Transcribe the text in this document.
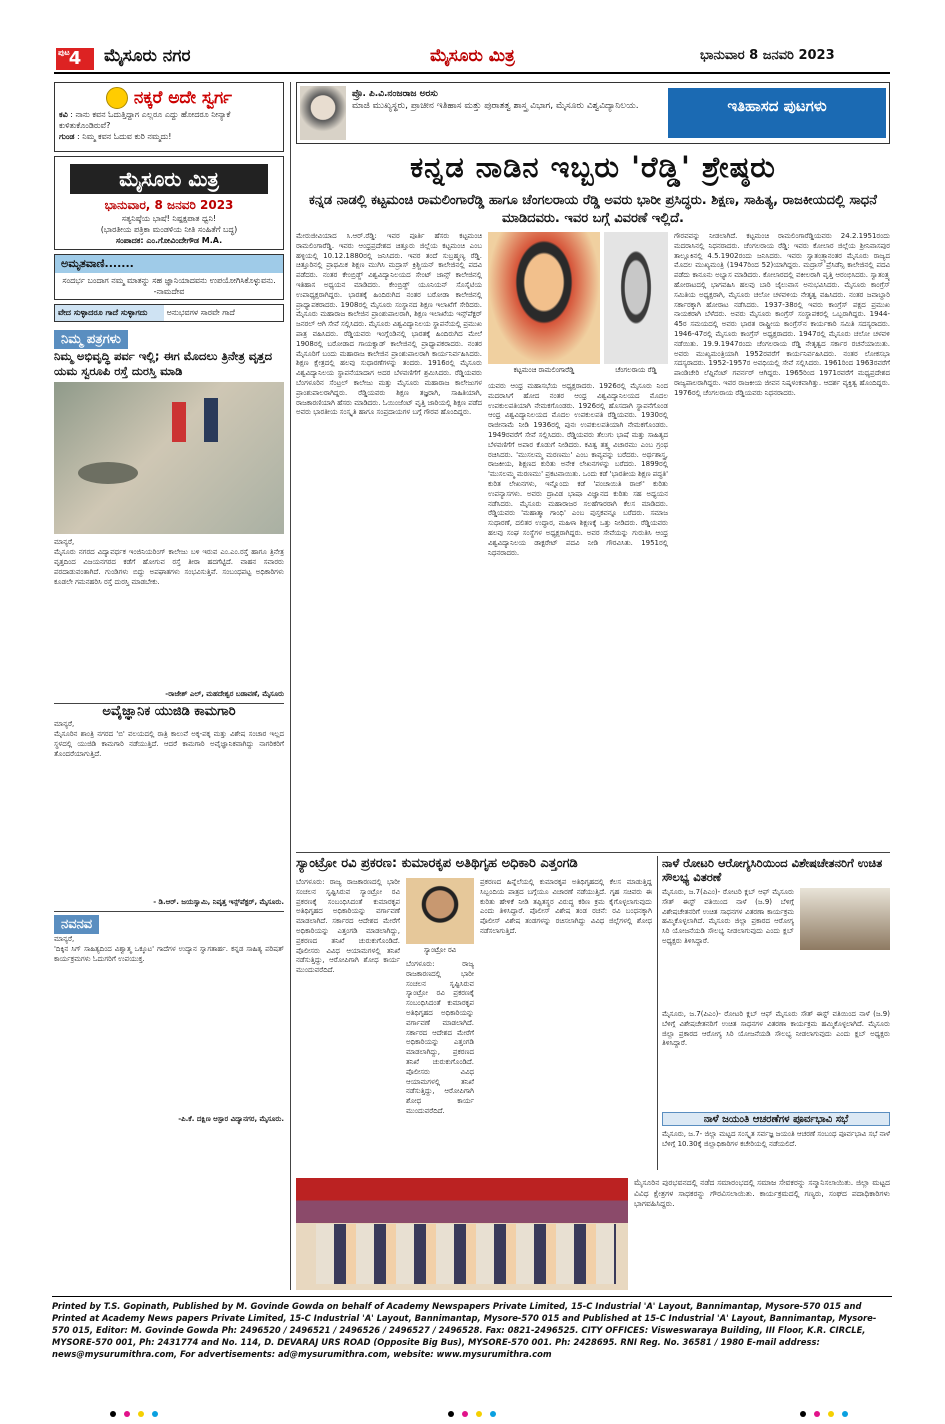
ಪುಟ
4	ಮೈಸೂರು ನಗರ	ಮೈಸೂರು ಮಿತ್ರ	ಭಾನುವಾರ 8 ಜನವರಿ 2023
ನಕ್ಕರೆ ಅದೇ ಸ್ವರ್ಗ
ಕವಿ : ನಾನು ಕವನ ಓದುತ್ತಿದ್ದಾಗ ಎಲ್ಲರೂ ಎದ್ದು ಹೋದರೂ ನೀನ್ಯಾಕೆ ಕುಳಿತುಕೊಂಡಿರುವೆ?
ಗುಂಡ : ನಿಮ್ಮ ಕವನ ಓದುವ ಕುರಿ ನಮ್ಮದು!
ಮೈಸೂರು ಮಿತ್ರ
ಭಾನುವಾರ, 8 ಜನವರಿ 2023
ಸತ್ಯನಿಷ್ಠೆಯ ಭಾಷೆ! ನಿಷ್ಪಕ್ಷಪಾತ ಧ್ವನಿ!
(ಭಾರತೀಯ ಪತ್ರಿಕಾ ಮಂಡಳಿಯ ನೀತಿ ಸಂಹಿತೆಗೆ ಬದ್ಧ)
ಸಂಪಾದಕ: ಎಂ.ಗೋವಿಂದೇಗೌಡ M.A.
ಅಮೃತವಾಣಿ.......
ಸಂದರ್ಭ ಬಂದಾಗ ನಮ್ಮ ಮಾತನ್ನು ಸಹ ಜ್ಞಾನಿಯಾದವನು ಉಪಯೋಗಿಸಿಕೊಳ್ಳುವನು. -ನಾಮದೇವ
ವೇದ ಸುಳ್ಳಾದರೂ ಗಾದೆ ಸುಳ್ಳಾಗದು	ಅನುಭವಗಳ ಸಾರವೇ ಗಾದೆ
ನಿಮ್ಮ ಪತ್ರಗಳು
ನಿಮ್ಮ ಅಭಿವೃದ್ಧಿ ಪರ್ವ ಇಲ್ಲಿ; ಈಗ ಮೊದಲು ತ್ರಿನೇತ್ರ ವೃತ್ತದ ಯಮ ಸ್ವರೂಪಿ ರಸ್ತೆ ದುರಸ್ತಿ ಮಾಡಿ
ಮಾನ್ಯರೆ,
ಮೈಸೂರು ನಗರದ ವಿದ್ಯಾವರ್ಧಕ ಇಂಜಿನಿಯರಿಂಗ್ ಕಾಲೇಜು ಬಳಿ ಇರುವ ಎಂ.ಎಂ.ರಸ್ತೆ ಹಾಗೂ ತ್ರಿನೇತ್ರ ವೃತ್ತದಿಂದ ವಿಜಯನಗರದ ಕಡೆಗೆ ಹೋಗುವ ರಸ್ತೆ ತೀರಾ ಹದಗೆಟ್ಟಿದೆ. ವಾಹನ ಸವಾರರು ಪರದಾಡುವಂತಾಗಿದೆ. ಗುಂಡಿಗಳು ಬಿದ್ದು ಅಪಘಾತಗಳು ಸಂಭವಿಸುತ್ತಿವೆ. ಸಂಬಂಧಪಟ್ಟ ಅಧಿಕಾರಿಗಳು ಕೂಡಲೇ ಗಮನಹರಿಸಿ ರಸ್ತೆ ದುರಸ್ತಿ ಮಾಡಬೇಕು.
-ರಾಜೇಶ್ ಎಲ್, ಮಹದೇಶ್ವರ ಬಡಾವಣೆ, ಮೈಸೂರು
ಅವೈಜ್ಞಾನಿಕ ಯುಜಿಡಿ ಕಾಮಗಾರಿ
ಮಾನ್ಯರೆ,
ಮೈಸೂರಿನ ಶಾಂತ್ರಿ ನಗರದ 'ಬಿ' ವಲಯದಲ್ಲಿ ರಾತ್ರಿ ಕಾಲುವೆ ಅಕ್ಕ-ಪಕ್ಕ ಮತ್ತು ವಿಶೇಷ ಸಂಚಾರ ಇಲ್ಲದ ಸ್ಥಳದಲ್ಲಿ ಯುಜಿಡಿ ಕಾಮಗಾರಿ ನಡೆಯುತ್ತಿದೆ. ಆದರೆ ಕಾಮಗಾರಿ ಅವೈಜ್ಞಾನಿಕವಾಗಿದ್ದು ನಾಗರಿಕರಿಗೆ ತೊಂದರೆಯಾಗುತ್ತಿದೆ.
- ಡಿ.ಆರ್. ಜಯಸ್ವಾಮಿ, ನಿವೃತ್ತ ಇನ್ಸ್‌ಪೆಕ್ಟರ್, ಮೈಸೂರು.
ನವನವ
ಮಾನ್ಯರೆ,
'ದಿಕ್ಕಿನ ಸಿಗ್ ಸಾಹಿತ್ಯದಿಂದ ವಿಶ್ವಾತ್ಮ ಒಕ್ಕೂಟ' ಗಾದೆಗಳ ಉದ್ಯಾನ ಸ್ವಾಗತಾರ್ಹ. ಕನ್ನಡ ಸಾಹಿತ್ಯ ಪರಿಷತ್ ಕಾರ್ಯಕ್ರಮಗಳು ಓದುಗರಿಗೆ ಉಪಯುಕ್ತ.
-ಪಿ.ಕೆ. ದಕ್ಷಿಣ ಆಸ್ಪಾರ ವಿದ್ಯಾನಗರ, ಮೈಸೂರು.
ಪ್ರೊ. ಪಿ.ವಿ.ನಂಜರಾಜ ಅರಸು
ಮಾಜಿ ಮುಖ್ಯಸ್ಥರು, ಪ್ರಾಚೀನ ಇತಿಹಾಸ ಮತ್ತು ಪುರಾತತ್ವ ಶಾಸ್ತ್ರ ವಿಭಾಗ, ಮೈಸೂರು ವಿಶ್ವವಿದ್ಯಾನಿಲಯ.	ಇತಿಹಾಸದ ಪುಟಗಳು
ಕನ್ನಡ ನಾಡಿನ ಇಬ್ಬರು 'ರೆಡ್ಡಿ' ಶ್ರೇಷ್ಠರು
ಕನ್ನಡ ನಾಡಲ್ಲಿ ಕಟ್ಟಮಂಚಿ ರಾಮಲಿಂಗಾರೆಡ್ಡಿ ಹಾಗೂ ಚೆಂಗಲರಾಯ ರೆಡ್ಡಿ ಅವರು ಭಾರೀ ಪ್ರಸಿದ್ಧರು. ಶಿಕ್ಷಣ, ಸಾಹಿತ್ಯ, ರಾಜಕೀಯದಲ್ಲಿ ಸಾಧನೆ ಮಾಡಿದವರು. ಇವರ ಬಗ್ಗೆ ವಿವರಣೆ ಇಲ್ಲಿದೆ.
ಕಟ್ಟಮಂಚಿ ರಾಮಲಿಂಗಾರೆಡ್ಡಿ	ಚೆಂಗಲರಾಯ ರೆಡ್ಡಿ
ಮೇರುಜೀವಿಯಾದ ಸಿ.ಆರ್.ರೆಡ್ಡಿ: ಇವರ ಪೂರ್ತಿ ಹೆಸರು ಕಟ್ಟಮಂಚಿ ರಾಮಲಿಂಗಾರೆಡ್ಡಿ. ಇವರು ಆಂಧ್ರಪ್ರದೇಶದ ಚಿತ್ತೂರು ಜಿಲ್ಲೆಯ ಕಟ್ಟಮಂಚಿ ಎಂಬ ಹಳ್ಳಿಯಲ್ಲಿ 10.12.1880ರಲ್ಲಿ ಜನಿಸಿದರು. ಇವರ ತಂದೆ ಸುಬ್ರಹ್ಮಣ್ಯ ರೆಡ್ಡಿ. ಚಿತ್ತೂರಿನಲ್ಲಿ ಪ್ರಾಥಮಿಕ ಶಿಕ್ಷಣ ಮುಗಿಸಿ ಮದ್ರಾಸ್ ಕ್ರಿಶ್ಚಿಯನ್ ಕಾಲೇಜಿನಲ್ಲಿ ಪದವಿ ಪಡೆದರು. ನಂತರ ಕೇಂಬ್ರಿಡ್ಜ್ ವಿಶ್ವವಿದ್ಯಾನಿಲಯದ ಸೇಂಟ್ ಜಾನ್ಸ್ ಕಾಲೇಜಿನಲ್ಲಿ ಇತಿಹಾಸ ಅಧ್ಯಯನ ಮಾಡಿದರು. ಕೇಂಬ್ರಿಡ್ಜ್ ಯೂನಿಯನ್ ಸೊಸೈಟಿಯ ಉಪಾಧ್ಯಕ್ಷರಾಗಿದ್ದರು. ಭಾರತಕ್ಕೆ ಹಿಂದಿರುಗಿದ ನಂತರ ಬರೋಡಾ ಕಾಲೇಜಿನಲ್ಲಿ ಪ್ರಾಧ್ಯಾಪಕರಾದರು. 1908ರಲ್ಲಿ ಮೈಸೂರು ಸಂಸ್ಥಾನದ ಶಿಕ್ಷಣ ಇಲಾಖೆಗೆ ಸೇರಿದರು. ಮೈಸೂರು ಮಹಾರಾಜ ಕಾಲೇಜಿನ ಪ್ರಾಂಶುಪಾಲರಾಗಿ, ಶಿಕ್ಷಣ ಇಲಾಖೆಯ ಇನ್ಸ್‌ಪೆಕ್ಟರ್ ಜನರಲ್ ಆಗಿ ಸೇವೆ ಸಲ್ಲಿಸಿದರು. ಮೈಸೂರು ವಿಶ್ವವಿದ್ಯಾನಿಲಯ ಸ್ಥಾಪನೆಯಲ್ಲಿ ಪ್ರಮುಖ ಪಾತ್ರ ವಹಿಸಿದರು. ರೆಡ್ಡಿಯವರು ಇಂಗ್ಲೆಂಡಿನಲ್ಲಿ ಭಾರತಕ್ಕೆ ಹಿಂದಿರುಗಿದ ಮೇಲೆ 1908ರಲ್ಲಿ ಬರೋಡಾದ ಗಾಯಕ್ವಾಡ್ ಕಾಲೇಜಿನಲ್ಲಿ ಪ್ರಾಧ್ಯಾಪಕರಾದರು. ನಂತರ ಮೈಸೂರಿಗೆ ಬಂದು ಮಹಾರಾಜ ಕಾಲೇಜಿನ ಪ್ರಾಂಶುಪಾಲರಾಗಿ ಕಾರ್ಯನಿರ್ವಹಿಸಿದರು. ಶಿಕ್ಷಣ ಕ್ಷೇತ್ರದಲ್ಲಿ ಹಲವು ಸುಧಾರಣೆಗಳನ್ನು ತಂದರು. 1916ರಲ್ಲಿ ಮೈಸೂರು ವಿಶ್ವವಿದ್ಯಾನಿಲಯ ಸ್ಥಾಪನೆಯಾದಾಗ ಅದರ ಬೆಳವಣಿಗೆಗೆ ಶ್ರಮಿಸಿದರು. ರೆಡ್ಡಿಯವರು ಬೆಂಗಳೂರಿನ ಸೆಂಟ್ರಲ್ ಕಾಲೇಜು ಮತ್ತು ಮೈಸೂರು ಮಹಾರಾಜ ಕಾಲೇಜುಗಳ ಪ್ರಾಂಶುಪಾಲರಾಗಿದ್ದರು. ರೆಡ್ಡಿಯವರು ಶಿಕ್ಷಣ ತಜ್ಞರಾಗಿ, ಸಾಹಿತಿಯಾಗಿ, ರಾಜಕಾರಣಿಯಾಗಿ ಹೆಸರು ಮಾಡಿದರು. ಓಯಿಂಜೆಂಟ್ ವೃತ್ತಿ ಜಾರಿಯಲ್ಲಿ ಶಿಕ್ಷಣ ಪಡೆದ ಅವರು ಭಾರತೀಯ ಸಂಸ್ಕೃತಿ ಹಾಗೂ ಸಂಪ್ರದಾಯಗಳ ಬಗ್ಗೆ ಗೌರವ ಹೊಂದಿದ್ದರು.
ಯವರು ಆಂಧ್ರ ಮಹಾಸಭೆಯ ಅಧ್ಯಕ್ಷರಾದರು. 1926ರಲ್ಲಿ ಮೈಸೂರು ನಿಂದ ಮದರಾಸಿಗೆ ಹೋದ ನಂತರ ಆಂಧ್ರ ವಿಶ್ವವಿದ್ಯಾನಿಲಯದ ಮೊದಲ ಉಪಕುಲಪತಿಯಾಗಿ ನೇಮಕಗೊಂಡರು. 1926ರಲ್ಲಿ ಹೊಸದಾಗಿ ಸ್ಥಾಪನೆಗೊಂಡ ಆಂಧ್ರ ವಿಶ್ವವಿದ್ಯಾನಿಲಯದ ಮೊದಲ ಉಪಕುಲಪತಿ ರೆಡ್ಡಿಯವರು. 1930ರಲ್ಲಿ ರಾಜೀನಾಮೆ ನೀಡಿ 1936ರಲ್ಲಿ ಪುನಃ ಉಪಕುಲಪತಿಯಾಗಿ ನೇಮಕಗೊಂಡರು. 1949ರವರೆಗೆ ಸೇವೆ ಸಲ್ಲಿಸಿದರು. ರೆಡ್ಡಿಯವರು ತೆಲುಗು ಭಾಷೆ ಮತ್ತು ಸಾಹಿತ್ಯದ ಬೆಳವಣಿಗೆಗೆ ಅಪಾರ ಕೊಡುಗೆ ನೀಡಿದರು. ಕವಿತ್ವ ತತ್ತ್ವ ವಿಚಾರಮು ಎಂಬ ಗ್ರಂಥ ರಚಿಸಿದರು. 'ಮುಸಲಮ್ಮ ಮರಣಮು' ಎಂಬ ಕಾವ್ಯವನ್ನು ಬರೆದರು. ಅರ್ಥಶಾಸ್ತ್ರ, ರಾಜಕೀಯ, ಶಿಕ್ಷಣದ ಕುರಿತು ಅನೇಕ ಲೇಖನಗಳನ್ನು ಬರೆದರು. 1899ರಲ್ಲಿ 'ಮುಸಲಮ್ಮ ಮರಣಮು' ಪ್ರಕಟವಾಯಿತು. ಒಂದು ಕಡೆ 'ಭಾರತೀಯ ಶಿಕ್ಷಣ ಪದ್ಧತಿ' ಕುರಿತ ಲೇಖನಗಳು, ಇನ್ನೊಂದು ಕಡೆ 'ಪಂಚಾಯಿತಿ ರಾಜ್' ಕುರಿತು ಉಪನ್ಯಾಸಗಳು. ಅವರು ದ್ರಾವಿಡ ಭಾಷಾ ವಿಜ್ಞಾನದ ಕುರಿತು ಸಹ ಅಧ್ಯಯನ ನಡೆಸಿದರು. ಮೈಸೂರು ಮಹಾರಾಜರ ಸಲಹೆಗಾರರಾಗಿ ಕೆಲಸ ಮಾಡಿದರು. ರೆಡ್ಡಿಯವರು 'ಮಹಾತ್ಮಾ ಗಾಂಧಿ' ಎಂಬ ಪುಸ್ತಕವನ್ನೂ ಬರೆದರು. ಸಮಾಜ ಸುಧಾರಣೆ, ದಲಿತರ ಉದ್ಧಾರ, ಮಹಿಳಾ ಶಿಕ್ಷಣಕ್ಕೆ ಒತ್ತು ನೀಡಿದರು. ರೆಡ್ಡಿಯವರು ಹಲವು ಸಂಘ ಸಂಸ್ಥೆಗಳ ಅಧ್ಯಕ್ಷರಾಗಿದ್ದರು. ಅವರ ಸೇವೆಯನ್ನು ಗುರುತಿಸಿ ಆಂಧ್ರ ವಿಶ್ವವಿದ್ಯಾನಿಲಯ ಡಾಕ್ಟರೇಟ್ ಪದವಿ ನೀಡಿ ಗೌರವಿಸಿತು. 1951ರಲ್ಲಿ ನಿಧನರಾದರು.
ಗೌರವವನ್ನು ನೀಡಲಾಗಿದೆ. ಕಟ್ಟಮಂಚಿ ರಾಮಲಿಂಗಾರೆಡ್ಡಿಯವರು 24.2.1951ರಂದು ಮದರಾಸಿನಲ್ಲಿ ನಿಧನರಾದರು. ಚೆಂಗಲರಾಯ ರೆಡ್ಡಿ: ಇವರು ಕೋಲಾರ ಜಿಲ್ಲೆಯ ಶ್ರೀನಿವಾಸಪುರ ತಾಲ್ಲೂಕಿನಲ್ಲಿ 4.5.1902ರಂದು ಜನಿಸಿದರು. ಇವರು ಸ್ವಾತಂತ್ರ್ಯಾನಂತರ ಮೈಸೂರು ರಾಜ್ಯದ ಮೊದಲ ಮುಖ್ಯಮಂತ್ರಿ (1947ರಿಂದ 52)ಯಾಗಿದ್ದರು. ಮದ್ರಾಸ್ ಪ್ರೆಸಿಡೆನ್ಸಿ ಕಾಲೇಜಿನಲ್ಲಿ ಪದವಿ ಪಡೆದು ಕಾನೂನು ಅಭ್ಯಾಸ ಮಾಡಿದರು. ಕೋಲಾರದಲ್ಲಿ ವಕೀಲರಾಗಿ ವೃತ್ತಿ ಆರಂಭಿಸಿದರು. ಸ್ವಾತಂತ್ರ್ಯ ಹೋರಾಟದಲ್ಲಿ ಭಾಗವಹಿಸಿ ಹಲವು ಬಾರಿ ಜೈಲುವಾಸ ಅನುಭವಿಸಿದರು. ಮೈಸೂರು ಕಾಂಗ್ರೆಸ್ ಸಮಿತಿಯ ಅಧ್ಯಕ್ಷರಾಗಿ, ಮೈಸೂರು ಚಲೋ ಚಳವಳಿಯ ನೇತೃತ್ವ ವಹಿಸಿದರು. ನಂತರ ಜವಾಬ್ದಾರಿ ಸರ್ಕಾರಕ್ಕಾಗಿ ಹೋರಾಟ ನಡೆಸಿದರು. 1937-38ರಲ್ಲಿ ಇವರು ಕಾಂಗ್ರೆಸ್ ಪಕ್ಷದ ಪ್ರಮುಖ ನಾಯಕರಾಗಿ ಬೆಳೆದರು. ಅವರು ಮೈಸೂರು ಕಾಂಗ್ರೆಸ್ ಸಂಸ್ಥಾಪಕರಲ್ಲಿ ಒಬ್ಬರಾಗಿದ್ದರು. 1944-45ರ ಸಮಯದಲ್ಲಿ ಅವರು ಭಾರತ ರಾಷ್ಟ್ರೀಯ ಕಾಂಗ್ರೆಸ್‌ನ ಕಾರ್ಯಕಾರಿ ಸಮಿತಿ ಸದಸ್ಯರಾದರು. 1946-47ರಲ್ಲಿ ಮೈಸೂರು ಕಾಂಗ್ರೆಸ್ ಅಧ್ಯಕ್ಷರಾದರು. 1947ರಲ್ಲಿ ಮೈಸೂರು ಚಲೋ ಚಳವಳಿ ನಡೆಯಿತು. 19.9.1947ರಂದು ಚೆಂಗಲರಾಯ ರೆಡ್ಡಿ ನೇತೃತ್ವದ ಸರ್ಕಾರ ರಚನೆಯಾಯಿತು. ಅವರು ಮುಖ್ಯಮಂತ್ರಿಯಾಗಿ 1952ರವರೆಗೆ ಕಾರ್ಯನಿರ್ವಹಿಸಿದರು. ನಂತರ ಲೋಕಸಭಾ ಸದಸ್ಯರಾದರು. 1952-1957ರ ಅವಧಿಯಲ್ಲಿ ಸೇವೆ ಸಲ್ಲಿಸಿದರು. 1961ರಿಂದ 1963ರವರೆಗೆ ಪಾಂಡಿಚೇರಿ ಲೆಫ್ಟಿನೆಂಟ್ ಗವರ್ನರ್ ಆಗಿದ್ದರು. 1965ರಿಂದ 1971ರವರೆಗೆ ಮಧ್ಯಪ್ರದೇಶದ ರಾಜ್ಯಪಾಲರಾಗಿದ್ದರು. ಇವರ ರಾಜಕೀಯ ಜೀವನ ನಿಷ್ಕಳಂಕವಾಗಿತ್ತು. ಆದರ್ಶ ವ್ಯಕ್ತಿತ್ವ ಹೊಂದಿದ್ದರು. 1976ರಲ್ಲಿ ಚೆಂಗಲರಾಯ ರೆಡ್ಡಿಯವರು ನಿಧನರಾದರು.
ಸ್ಯಾಂಟ್ರೋ ರವಿ ಪ್ರಕರಣ: ಕುಮಾರಕೃಪ ಅತಿಥಿಗೃಹ ಅಧಿಕಾರಿ ಎತ್ತಂಗಡಿ
ಬೆಂಗಳೂರು: ರಾಜ್ಯ ರಾಜಕಾರಣದಲ್ಲಿ ಭಾರೀ ಸಂಚಲನ ಸೃಷ್ಟಿಸಿರುವ ಸ್ಯಾಂಟ್ರೋ ರವಿ ಪ್ರಕರಣಕ್ಕೆ ಸಂಬಂಧಿಸಿದಂತೆ ಕುಮಾರಕೃಪ ಅತಿಥಿಗೃಹದ ಅಧಿಕಾರಿಯನ್ನು ವರ್ಗಾವಣೆ ಮಾಡಲಾಗಿದೆ. ಸರ್ಕಾರದ ಆದೇಶದ ಮೇರೆಗೆ ಅಧಿಕಾರಿಯನ್ನು ಎತ್ತಂಗಡಿ ಮಾಡಲಾಗಿದ್ದು, ಪ್ರಕರಣದ ತನಿಖೆ ಚುರುಕುಗೊಂಡಿದೆ. ಪೊಲೀಸರು ವಿವಿಧ ಆಯಾಮಗಳಲ್ಲಿ ತನಿಖೆ ನಡೆಸುತ್ತಿದ್ದು, ಆರೋಪಿಗಾಗಿ ಶೋಧ ಕಾರ್ಯ ಮುಂದುವರೆದಿದೆ.
ಸ್ಯಾಂಟ್ರೋ ರವಿ
ಬೆಂಗಳೂರು: ರಾಜ್ಯ ರಾಜಕಾರಣದಲ್ಲಿ ಭಾರೀ ಸಂಚಲನ ಸೃಷ್ಟಿಸಿರುವ ಸ್ಯಾಂಟ್ರೋ ರವಿ ಪ್ರಕರಣಕ್ಕೆ ಸಂಬಂಧಿಸಿದಂತೆ ಕುಮಾರಕೃಪ ಅತಿಥಿಗೃಹದ ಅಧಿಕಾರಿಯನ್ನು ವರ್ಗಾವಣೆ ಮಾಡಲಾಗಿದೆ. ಸರ್ಕಾರದ ಆದೇಶದ ಮೇರೆಗೆ ಅಧಿಕಾರಿಯನ್ನು ಎತ್ತಂಗಡಿ ಮಾಡಲಾಗಿದ್ದು, ಪ್ರಕರಣದ ತನಿಖೆ ಚುರುಕುಗೊಂಡಿದೆ. ಪೊಲೀಸರು ವಿವಿಧ ಆಯಾಮಗಳಲ್ಲಿ ತನಿಖೆ ನಡೆಸುತ್ತಿದ್ದು, ಆರೋಪಿಗಾಗಿ ಶೋಧ ಕಾರ್ಯ ಮುಂದುವರೆದಿದೆ.
ಪ್ರಕರಣದ ಹಿನ್ನೆಲೆಯಲ್ಲಿ ಕುಮಾರಕೃಪ ಅತಿಥಿಗೃಹದಲ್ಲಿ ಕೆಲಸ ಮಾಡುತ್ತಿದ್ದ ಸಿಬ್ಬಂದಿಯ ಪಾತ್ರದ ಬಗ್ಗೆಯೂ ವಿಚಾರಣೆ ನಡೆಯುತ್ತಿದೆ. ಗೃಹ ಸಚಿವರು ಈ ಕುರಿತು ಹೇಳಿಕೆ ನೀಡಿ ತಪ್ಪಿತಸ್ಥರ ವಿರುದ್ಧ ಕಠಿಣ ಕ್ರಮ ಕೈಗೊಳ್ಳಲಾಗುವುದು ಎಂದು ತಿಳಿಸಿದ್ದಾರೆ. ಪೊಲೀಸ್ ವಿಶೇಷ ತಂಡ ರಚನೆ: ರವಿ ಬಂಧನಕ್ಕಾಗಿ ಪೊಲೀಸ್ ವಿಶೇಷ ತಂಡಗಳನ್ನು ರಚಿಸಲಾಗಿದ್ದು ವಿವಿಧ ಜಿಲ್ಲೆಗಳಲ್ಲಿ ಶೋಧ ನಡೆಸಲಾಗುತ್ತಿದೆ.
ನಾಳೆ ರೋಟರಿ ಆರೋಗ್ಯಸಿರಿಯಿಂದ ವಿಶೇಷಚೇತನರಿಗೆ ಉಚಿತ ಸೌಲಭ್ಯ ವಿತರಣೆ
ಮೈಸೂರು, ಜ.7(ಪಿಎಂ)- ರೋಟರಿ ಕ್ಲಬ್ ಆಫ್ ಮೈಸೂರು ಸೌತ್ ಈಸ್ಟ್ ವತಿಯಿಂದ ನಾಳೆ (ಜ.9) ಬೆಳಿಗ್ಗೆ ವಿಶೇಷಚೇತನರಿಗೆ ಉಚಿತ ಸಾಧನಗಳ ವಿತರಣಾ ಕಾರ್ಯಕ್ರಮ ಹಮ್ಮಿಕೊಳ್ಳಲಾಗಿದೆ. ಮೈಸೂರು ಜಿಲ್ಲಾ ಪ್ರಕಾರದ ಆರೋಗ್ಯ ಸಿರಿ ಯೋಜನೆಯಡಿ ಸೌಲಭ್ಯ ನೀಡಲಾಗುವುದು ಎಂದು ಕ್ಲಬ್ ಅಧ್ಯಕ್ಷರು ತಿಳಿಸಿದ್ದಾರೆ.
ಮೈಸೂರು, ಜ.7(ಪಿಎಂ)- ರೋಟರಿ ಕ್ಲಬ್ ಆಫ್ ಮೈಸೂರು ಸೌತ್ ಈಸ್ಟ್ ವತಿಯಿಂದ ನಾಳೆ (ಜ.9) ಬೆಳಿಗ್ಗೆ ವಿಶೇಷಚೇತನರಿಗೆ ಉಚಿತ ಸಾಧನಗಳ ವಿತರಣಾ ಕಾರ್ಯಕ್ರಮ ಹಮ್ಮಿಕೊಳ್ಳಲಾಗಿದೆ. ಮೈಸೂರು ಜಿಲ್ಲಾ ಪ್ರಕಾರದ ಆರೋಗ್ಯ ಸಿರಿ ಯೋಜನೆಯಡಿ ಸೌಲಭ್ಯ ನೀಡಲಾಗುವುದು ಎಂದು ಕ್ಲಬ್ ಅಧ್ಯಕ್ಷರು ತಿಳಿಸಿದ್ದಾರೆ.
ನಾಳೆ ಜಯಂತಿ ಆಚರಣೆಗಳ ಪೂರ್ವಭಾವಿ ಸಭೆ
ಮೈಸೂರು, ಜ.7- ಜಿಲ್ಲಾ ಮಟ್ಟದ ಸಂಸ್ಕೃತ ಸರ್ವಜ್ಞ ಜಯಂತಿ ಆಚರಣೆ ಸಂಬಂಧ ಪೂರ್ವಭಾವಿ ಸಭೆ ನಾಳೆ ಬೆಳಿಗ್ಗೆ 10.30ಕ್ಕೆ ಜಿಲ್ಲಾಧಿಕಾರಿಗಳ ಕಚೇರಿಯಲ್ಲಿ ನಡೆಯಲಿದೆ.
ಮೈಸೂರಿನ ಪುರಭವನದಲ್ಲಿ ನಡೆದ ಸಮಾರಂಭದಲ್ಲಿ ಸಮಾಜ ಸೇವಕರನ್ನು ಸನ್ಮಾನಿಸಲಾಯಿತು. ಜಿಲ್ಲಾ ಮಟ್ಟದ ವಿವಿಧ ಕ್ಷೇತ್ರಗಳ ಸಾಧಕರನ್ನು ಗೌರವಿಸಲಾಯಿತು. ಕಾರ್ಯಕ್ರಮದಲ್ಲಿ ಗಣ್ಯರು, ಸಂಘದ ಪದಾಧಿಕಾರಿಗಳು ಭಾಗವಹಿಸಿದ್ದರು.
Printed by T.S. Gopinath, Published by M. Govinde Gowda on behalf of Academy Newspapers Private Limited, 15-C Industrial 'A' Layout, Bannimantap, Mysore-570 015 and Printed at Academy News papers Private Limited, 15-C Industrial 'A' Layout, Bannimantap, Mysore-570 015 and Published at 15-C Industrial 'A' Layout, Bannimantap, Mysore-570 015, Editor: M. Govinde Gowda Ph: 2496520 / 2496521 / 2496526 / 2496527 / 2496528. Fax: 0821-2496525. CITY OFFICES: Visweswaraya Building, III Floor, K.R. CIRCLE, MYSORE-570 001, Ph: 2431774 and No. 114, D. DEVARAJ URS ROAD (Opposite Big Bus), MYSORE-570 001. Ph: 2428695. RNI Reg. No. 36581 / 1980 E-mail address: news@mysurumithra.com, For advertisements: ad@mysurumithra.com, website: www.mysurumithra.com
